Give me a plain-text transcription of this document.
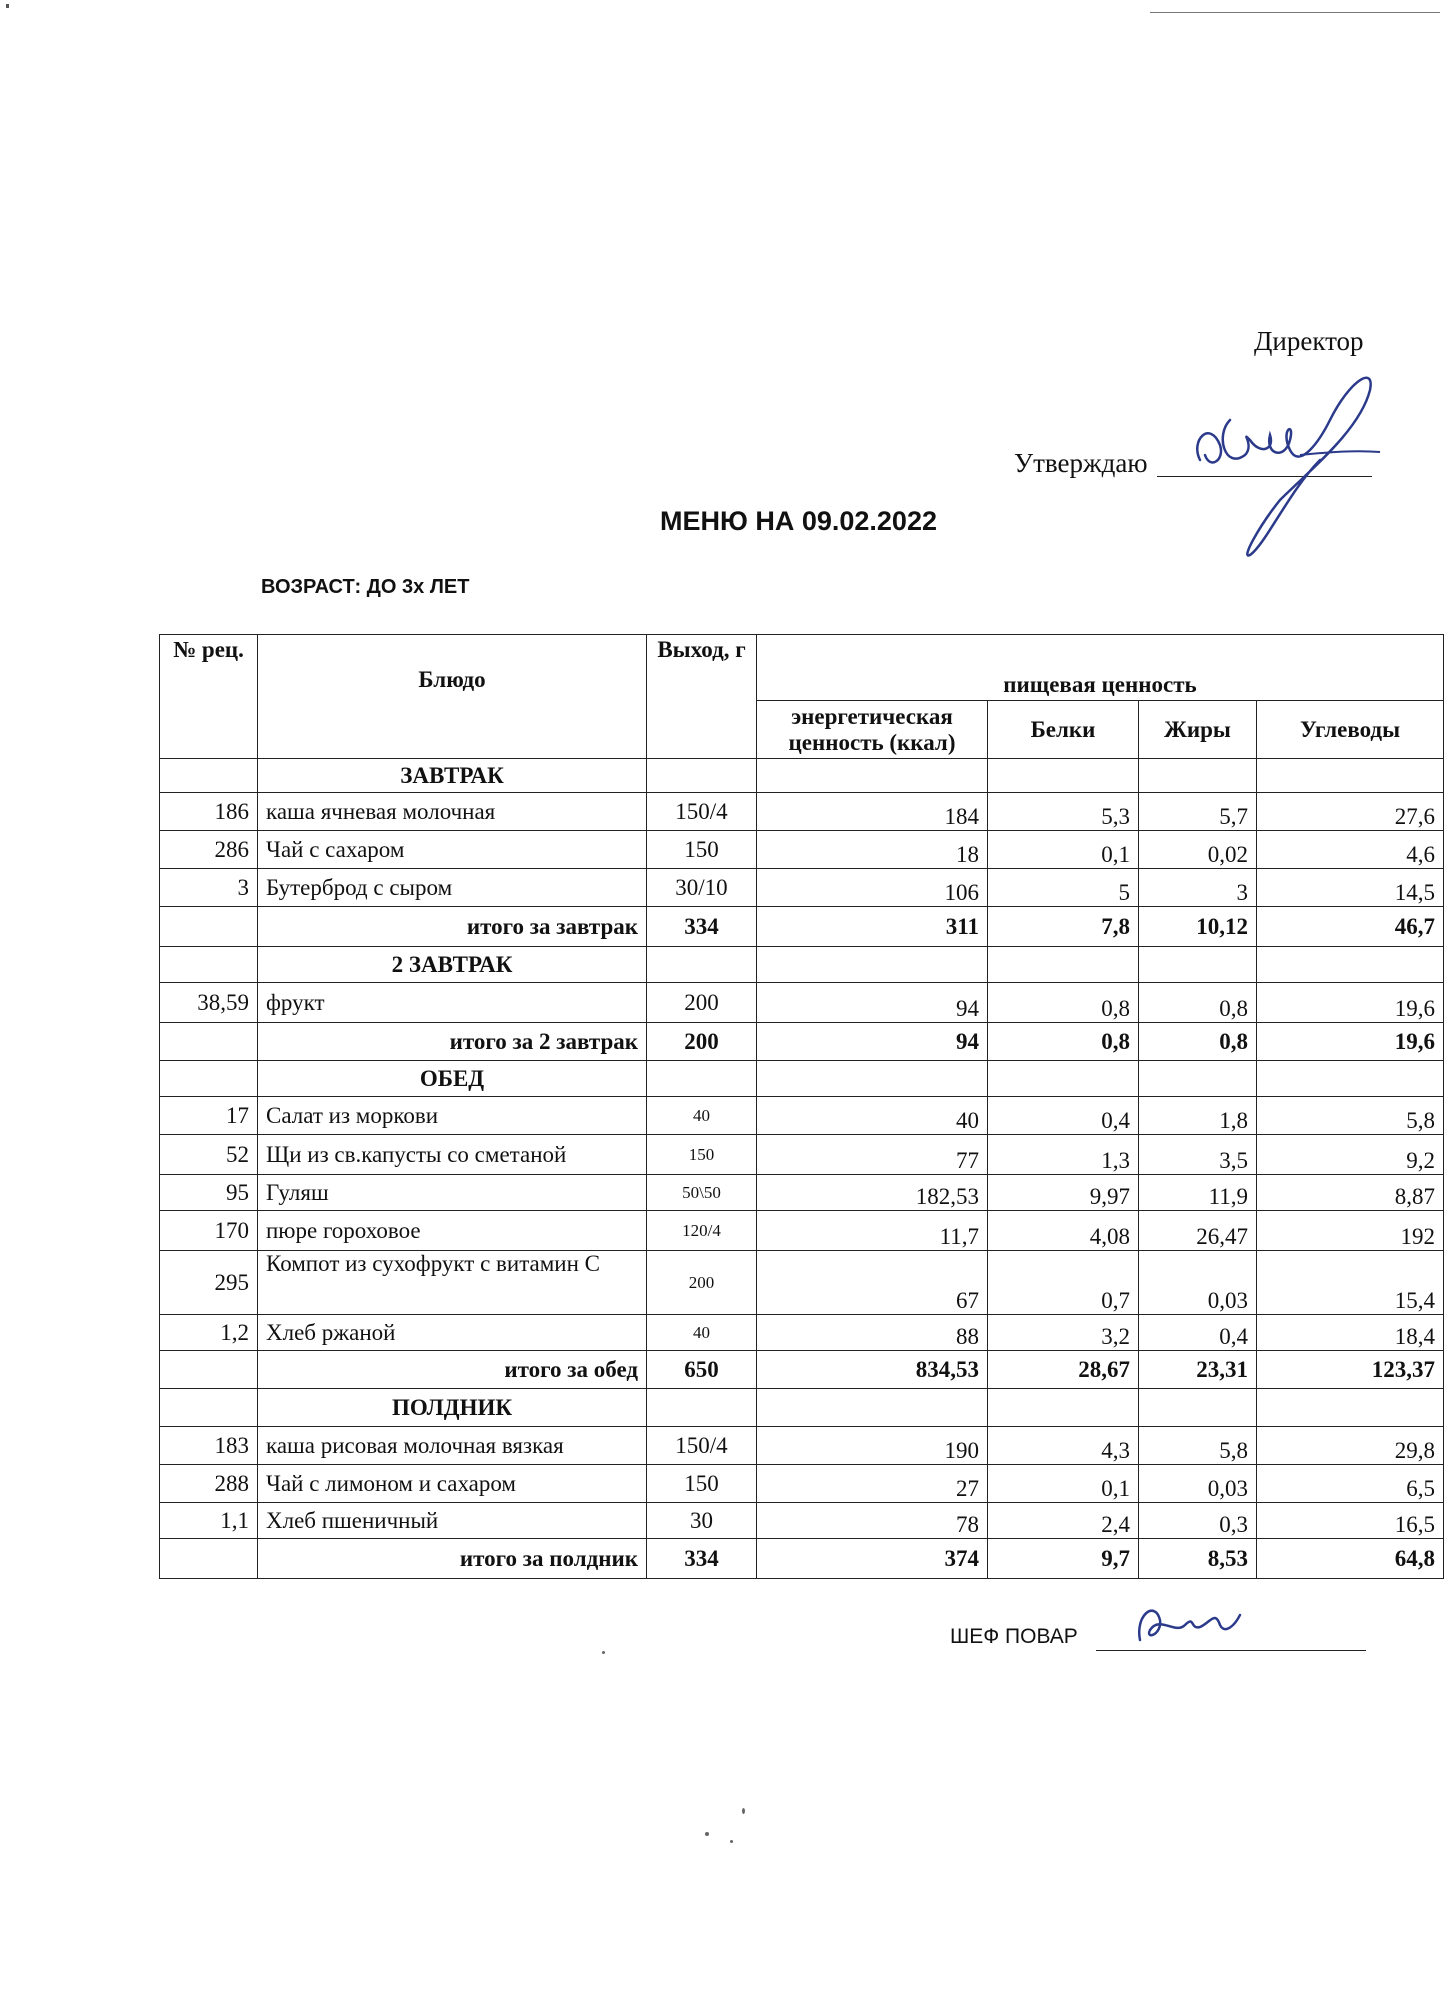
Директор
Утверждаю
МЕНЮ НА 09.02.2022
ВОЗРАСТ: ДО 3х ЛЕТ
№ рец.	Блюдо	Выход, г	пищевая ценность			
			энергетическая ценность (ккал)	Белки	Жиры	Углеводы
	ЗАВТРАК					
186	каша ячневая молочная	150/4	184	5,3	5,7	27,6
286	Чай с сахаром	150	18	0,1	0,02	4,6
3	Бутерброд с сыром	30/10	106	5	3	14,5
	итого за завтрак	334	311	7,8	10,12	46,7
	2 ЗАВТРАК					
38,59	фрукт	200	94	0,8	0,8	19,6
	итого за 2 завтрак	200	94	0,8	0,8	19,6
	ОБЕД					
17	Салат из моркови	40	40	0,4	1,8	5,8
52	Щи из св.капусты со сметаной	150	77	1,3	3,5	9,2
95	Гуляш	50\50	182,53	9,97	11,9	8,87
170	пюре гороховое	120/4	11,7	4,08	26,47	192
295	Компот из сухофрукт с витамин С	200	67	0,7	0,03	15,4
1,2	Хлеб ржаной	40	88	3,2	0,4	18,4
	итого за обед	650	834,53	28,67	23,31	123,37
	ПОЛДНИК					
183	каша рисовая молочная вязкая	150/4	190	4,3	5,8	29,8
288	Чай с лимоном и сахаром	150	27	0,1	0,03	6,5
1,1	Хлеб пшеничный	30	78	2,4	0,3	16,5
	итого за полдник	334	374	9,7	8,53	64,8
ШЕФ ПОВАР
